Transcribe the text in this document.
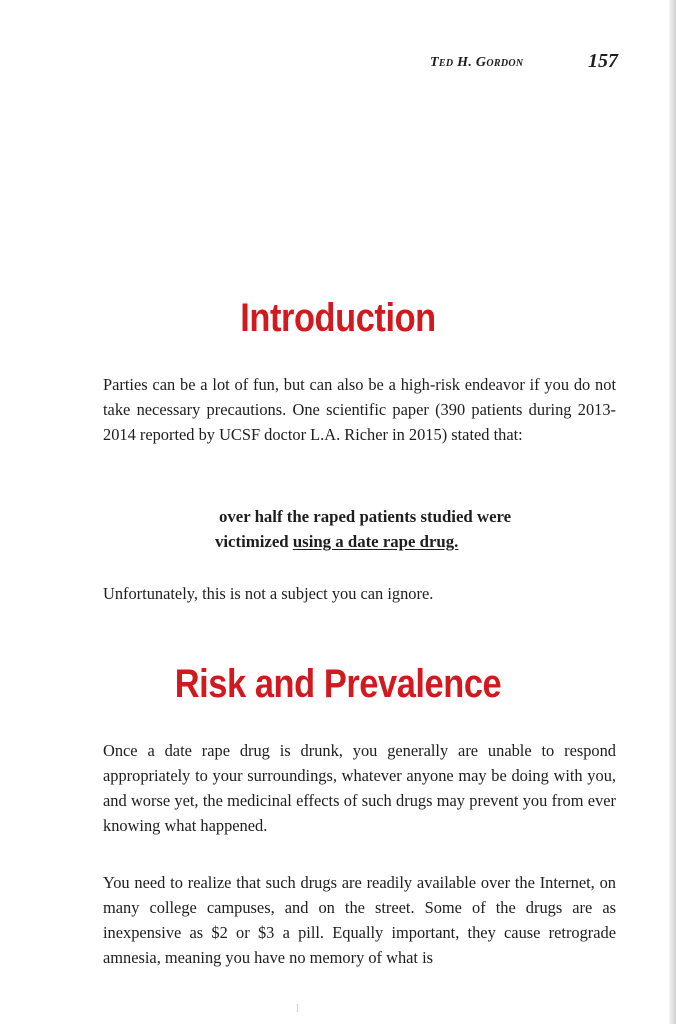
Ted H. Gordon	157
Introduction

Parties can be a lot of fun, but can also be a high-risk endeavor if you do not take necessary precautions. One scientific paper (390 patients during 2013-2014 reported by UCSF doctor L.A. Richer in 2015) stated that:

over half the raped patients studied were
victimized using a date rape drug.

Unfortunately, this is not a subject you can ignore.

Risk and Prevalence

Once a date rape drug is drunk, you generally are unable to respond appropriately to your surroundings, whatever anyone may be doing with you, and worse yet, the medicinal effects of such drugs may prevent you from ever knowing what happened.

You need to realize that such drugs are readily available over the Internet, on many college campuses, and on the street. Some of the drugs are as inexpensive as $2 or $3 a pill. Equally important, they cause retrograde amnesia, meaning you have no memory of what is
